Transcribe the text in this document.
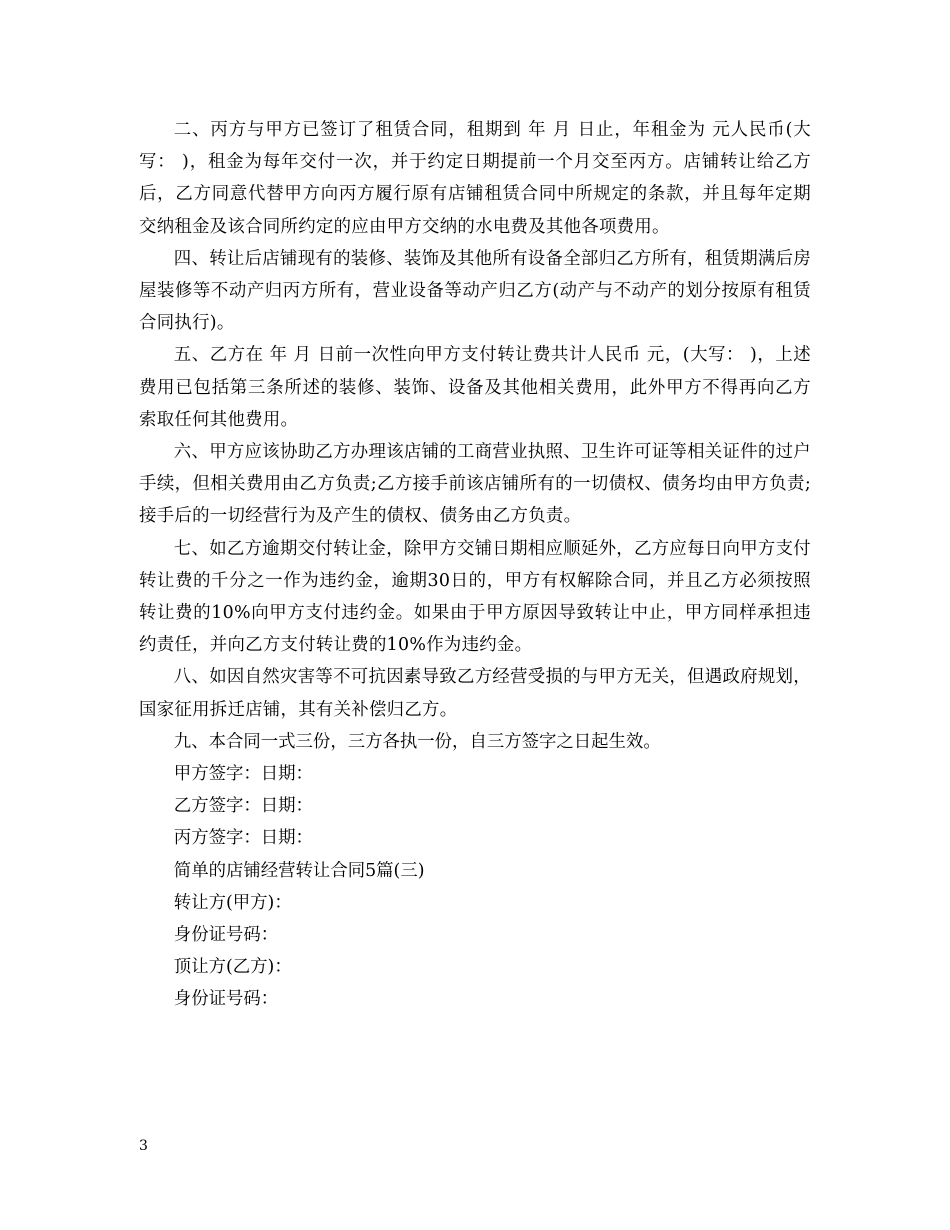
二、丙方与甲方已签订了租赁合同，租期到 年 月 日止，年租金为 元人民币(大写： )，租金为每年交付一次，并于约定日期提前一个月交至丙方。店铺转让给乙方后，乙方同意代替甲方向丙方履行原有店铺租赁合同中所规定的条款，并且每年定期交纳租金及该合同所约定的应由甲方交纳的水电费及其他各项费用。

四、转让后店铺现有的装修、装饰及其他所有设备全部归乙方所有，租赁期满后房屋装修等不动产归丙方所有，营业设备等动产归乙方(动产与不动产的划分按原有租赁合同执行)。

五、乙方在 年 月 日前一次性向甲方支付转让费共计人民币 元，(大写： )，上述费用已包括第三条所述的装修、装饰、设备及其他相关费用，此外甲方不得再向乙方索取任何其他费用。

六、甲方应该协助乙方办理该店铺的工商营业执照、卫生许可证等相关证件的过户手续，但相关费用由乙方负责;乙方接手前该店铺所有的一切债权、债务均由甲方负责;接手后的一切经营行为及产生的债权、债务由乙方负责。

七、如乙方逾期交付转让金，除甲方交铺日期相应顺延外，乙方应每日向甲方支付转让费的千分之一作为违约金，逾期30日的，甲方有权解除合同，并且乙方必须按照转让费的10%向甲方支付违约金。如果由于甲方原因导致转让中止，甲方同样承担违约责任，并向乙方支付转让费的10%作为违约金。

八、如因自然灾害等不可抗因素导致乙方经营受损的与甲方无关，但遇政府规划，国家征用拆迁店铺，其有关补偿归乙方。

九、本合同一式三份，三方各执一份，自三方签字之日起生效。

甲方签字：日期：

乙方签字：日期：

丙方签字：日期：

简单的店铺经营转让合同5篇(三)

转让方(甲方)：

身份证号码：

顶让方(乙方)：

身份证号码：

3
